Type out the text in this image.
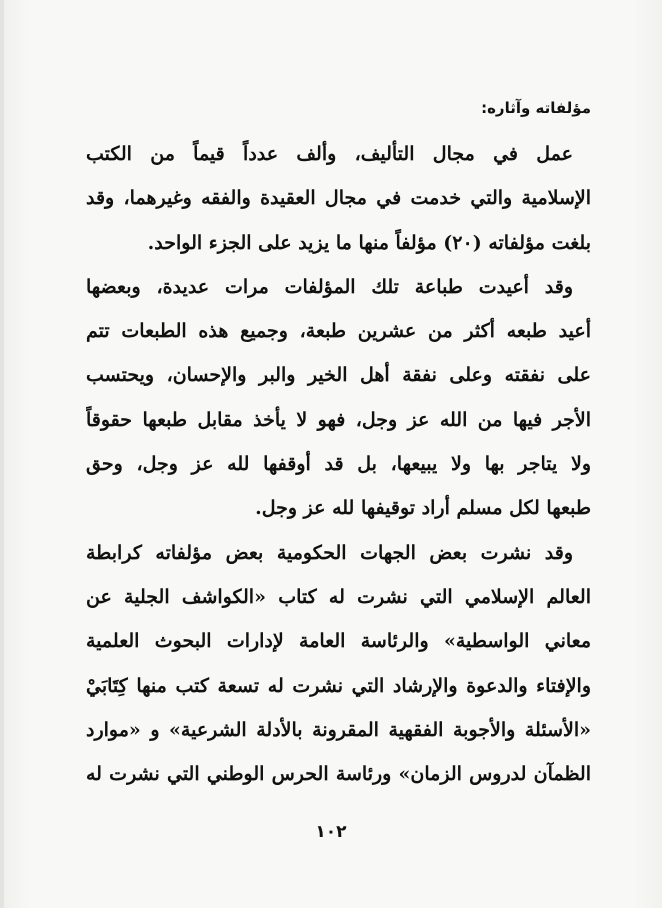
مؤلفاته وآثاره:
عمل في مجال التأليف، وألف عدداً قيماً من الكتب
الإسلامية والتي خدمت في مجال العقيدة والفقه وغيرهما، وقد
بلغت مؤلفاته (٢٠) مؤلفاً منها ما يزيد على الجزء الواحد.
وقد أعيدت طباعة تلك المؤلفات مرات عديدة، وبعضها
أعيد طبعه أكثر من عشرين طبعة، وجميع هذه الطبعات تتم
على نفقته وعلى نفقة أهل الخير والبر والإحسان، ويحتسب
الأجر فيها من الله عز وجل، فهو لا يأخذ مقابل طبعها حقوقاً
ولا يتاجر بها ولا يبيعها، بل قد أوقفها لله عز وجل، وحق
طبعها لكل مسلم أراد توقيفها لله عز وجل.
وقد نشرت بعض الجهات الحكومية بعض مؤلفاته كرابطة
العالم الإسلامي التي نشرت له كتاب «الكواشف الجلية عن
معاني الواسطية» والرئاسة العامة لإدارات البحوث العلمية
والإفتاء والدعوة والإرشاد التي نشرت له تسعة كتب منها كِتَابَيْ
«الأسئلة والأجوبة الفقهية المقرونة بالأدلة الشرعية» و «موارد
الظمآن لدروس الزمان» ورئاسة الحرس الوطني التي نشرت له
١٠٢
